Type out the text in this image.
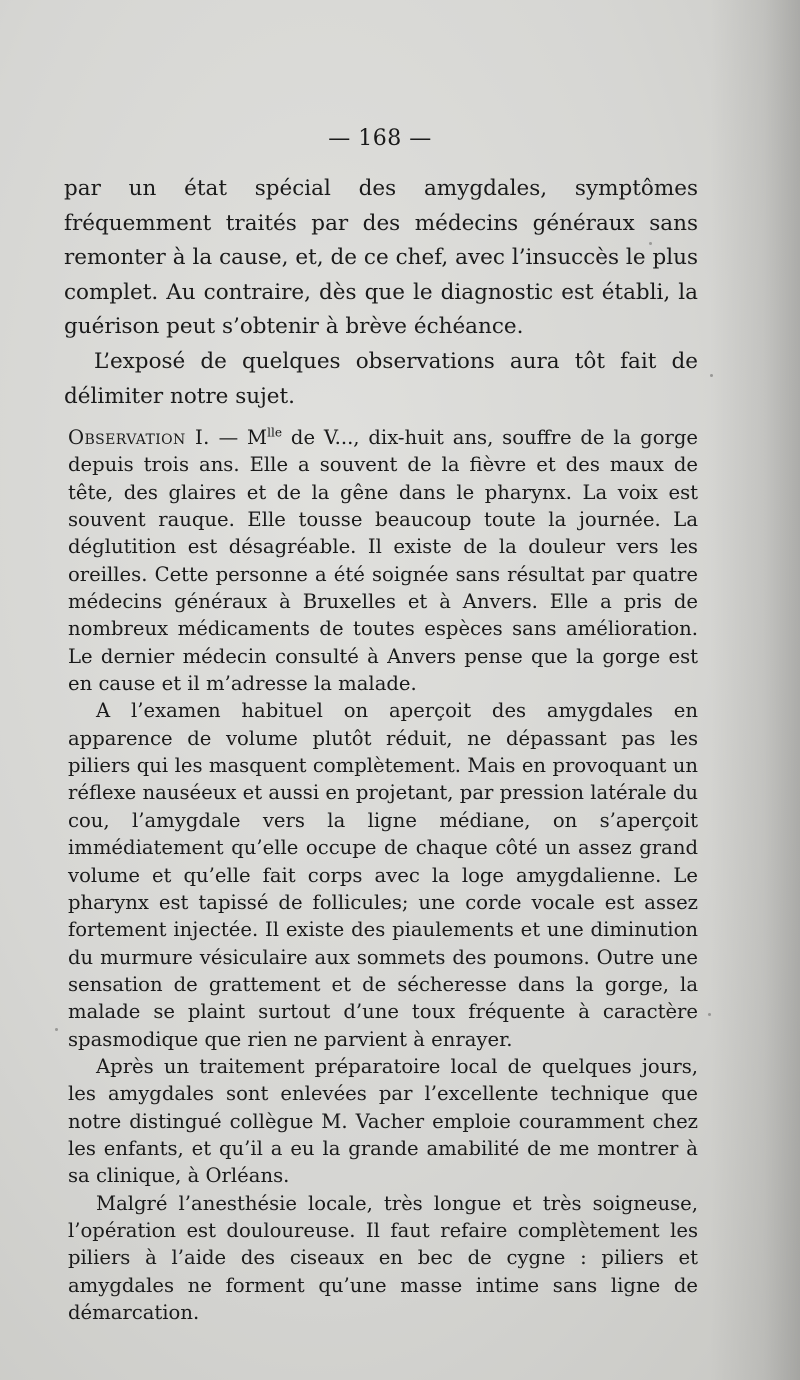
— 168 —

par un état spécial des amygdales, symptômes fréquemment traités par des médecins généraux sans remonter à la cause, et, de ce chef, avec l’insuccès le plus complet. Au contraire, dès que le diagnostic est établi, la guérison peut s’obtenir à brève échéance.

L’exposé de quelques observations aura tôt fait de délimiter notre sujet.

Observation I. — $M^{lle}$ de V..., dix-huit ans, souffre de la gorge depuis trois ans. Elle a souvent de la fièvre et des maux de tête, des glaires et de la gêne dans le pharynx. La voix est souvent rauque. Elle tousse beaucoup toute la journée. La déglutition est désagréable. Il existe de la douleur vers les oreilles. Cette personne a été soignée sans résultat par quatre médecins généraux à Bruxelles et à Anvers. Elle a pris de nombreux médicaments de toutes espèces sans amélioration. Le dernier médecin consulté à Anvers pense que la gorge est en cause et il m’adresse la malade.

A l’examen habituel on aperçoit des amygdales en apparence de volume plutôt réduit, ne dépassant pas les piliers qui les masquent complètement. Mais en provoquant un réflexe nauséeux et aussi en projetant, par pression latérale du cou, l’amygdale vers la ligne médiane, on s’aperçoit immédiatement qu’elle occupe de chaque côté un assez grand volume et qu’elle fait corps avec la loge amygdalienne. Le pharynx est tapissé de follicules; une corde vocale est assez fortement injectée. Il existe des piaulements et une diminution du murmure vésiculaire aux sommets des poumons. Outre une sensation de grattement et de sécheresse dans la gorge, la malade se plaint surtout d’une toux fréquente à caractère spasmodique que rien ne parvient à enrayer.

Après un traitement préparatoire local de quelques jours, les amygdales sont enlevées par l’excellente technique que notre distingué collègue M. Vacher emploie couramment chez les enfants, et qu’il a eu la grande amabilité de me montrer à sa clinique, à Orléans.

Malgré l’anesthésie locale, très longue et très soigneuse, l’opération est douloureuse. Il faut refaire complètement les piliers à l’aide des ciseaux en bec de cygne : piliers et amygdales ne forment qu’une masse intime sans ligne de démarcation.
